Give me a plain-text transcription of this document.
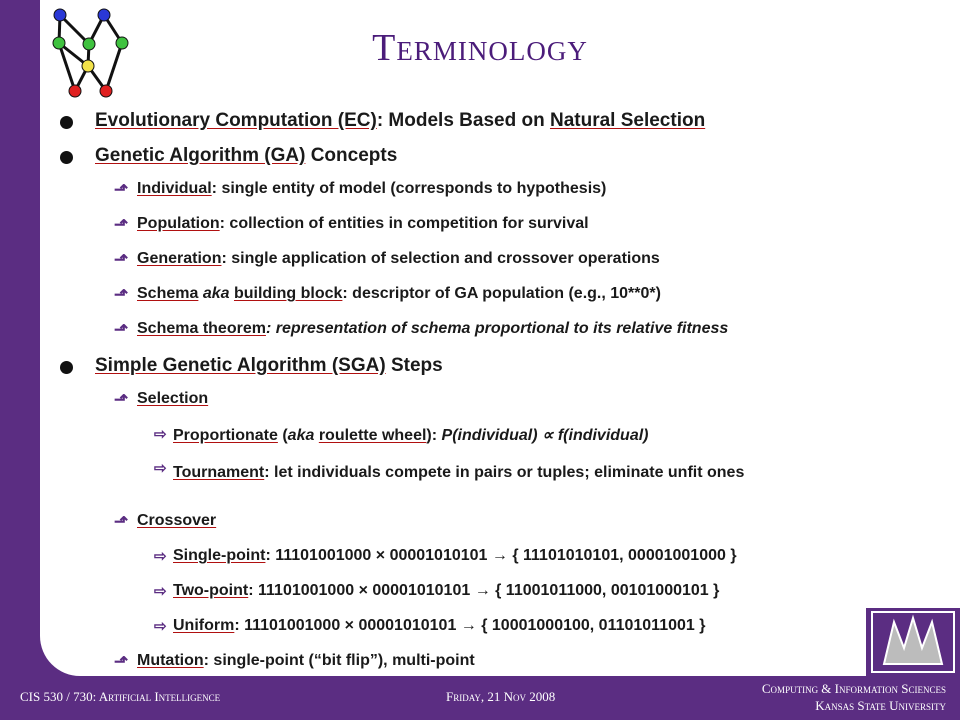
Terminology
Evolutionary Computation (EC): Models Based on Natural Selection
Genetic Algorithm (GA) Concepts
⬏ Individual: single entity of model (corresponds to hypothesis)
⬏ Population: collection of entities in competition for survival
⬏ Generation: single application of selection and crossover operations
⬏ Schema aka building block: descriptor of GA population (e.g., 10**0*)
⬏ Schema theorem: representation of schema proportional to its relative fitness
Simple Genetic Algorithm (SGA) Steps
⬏ Selection
⇨ Proportionate (aka roulette wheel): P(individual) ∝ f(individual)
⇨ Tournament: let individuals compete in pairs or tuples; eliminate unfit ones
⬏ Crossover
⇨ Single-point: 11101001000 × 00001010101 → { 11101010101, 00001001000 }
⇨ Two-point: 11101001000 × 00001010101 → { 11001011000, 00101000101 }
⇨ Uniform: 11101001000 × 00001010101 → { 10001000100, 01101011001 }
⬏ Mutation: single-point (“bit flip”), multi-point
CIS 530 / 730: Artificial Intelligence	Friday, 21 Nov 2008
Computing & Information Sciences
Kansas State University
